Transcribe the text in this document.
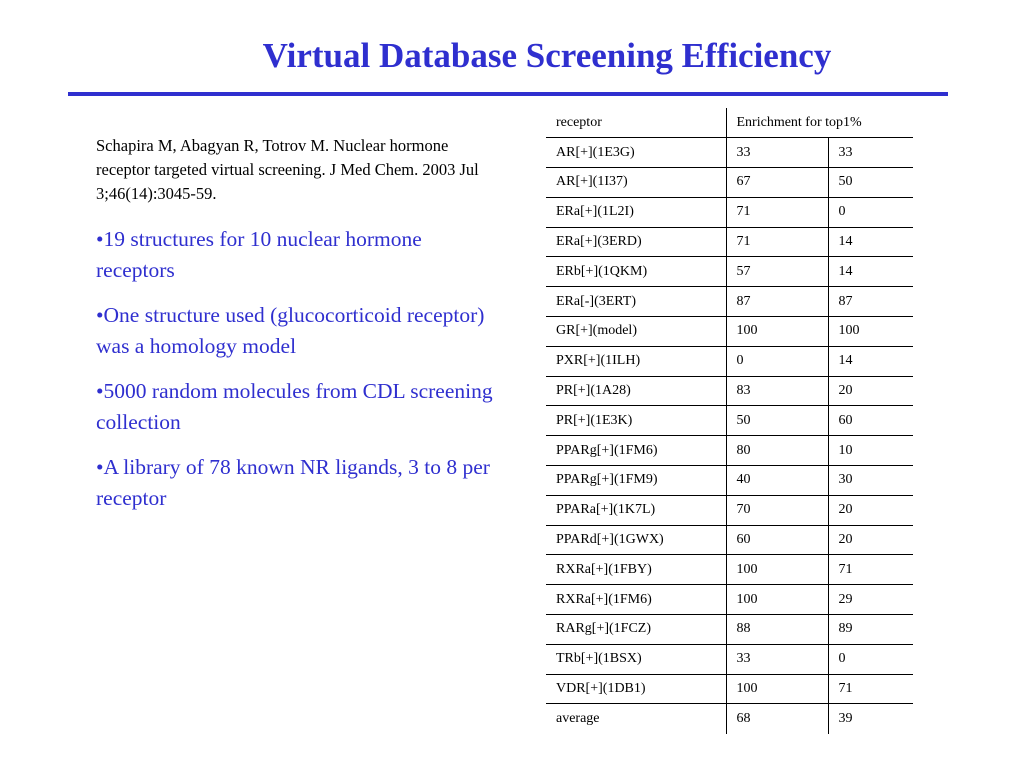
Virtual Database Screening Efficiency
Schapira M, Abagyan R, Totrov M. Nuclear hormone receptor targeted virtual screening. J Med Chem. 2003 Jul 3;46(14):3045-59.
•19 structures for 10 nuclear hormone receptors
•One structure used (glucocorticoid receptor) was a homology model
•5000 random molecules from CDL screening collection
•A library of 78 known NR ligands, 3 to 8 per receptor
receptor	Enrichment for top1%	
AR[+](1E3G)	33	33
AR[+](1I37)	67	50
ERa[+](1L2I)	71	0
ERa[+](3ERD)	71	14
ERb[+](1QKM)	57	14
ERa[-](3ERT)	87	87
GR[+](model)	100	100
PXR[+](1ILH)	0	14
PR[+](1A28)	83	20
PR[+](1E3K)	50	60
PPARg[+](1FM6)	80	10
PPARg[+](1FM9)	40	30
PPARa[+](1K7L)	70	20
PPARd[+](1GWX)	60	20
RXRa[+](1FBY)	100	71
RXRa[+](1FM6)	100	29
RARg[+](1FCZ)	88	89
TRb[+](1BSX)	33	0
VDR[+](1DB1)	100	71
average	68	39
